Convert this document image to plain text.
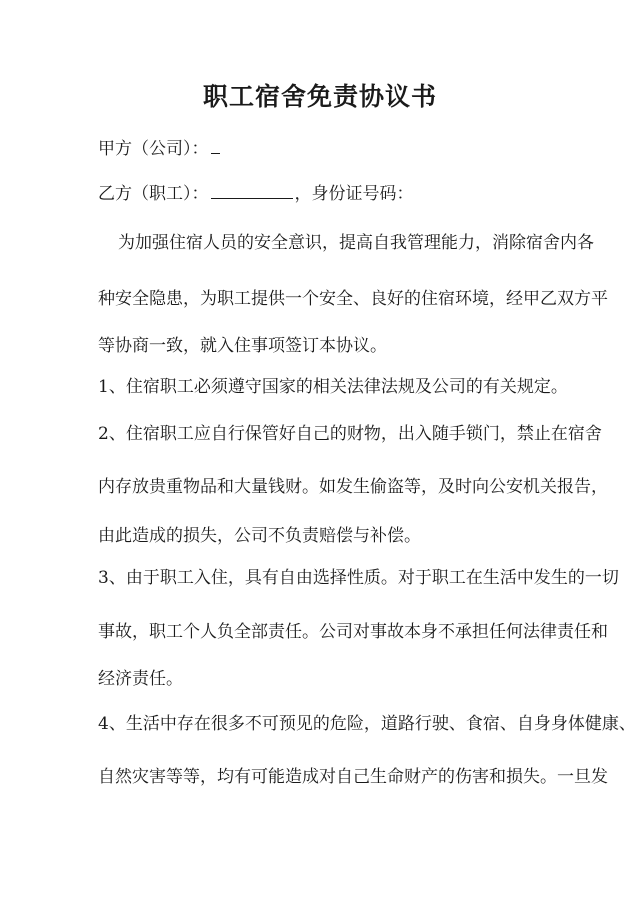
职工宿舍免责协议书
甲方（公司）：
乙方（职工）：	，身份证号码：
为加强住宿人员的安全意识，提高自我管理能力，消除宿舍内各
种安全隐患，为职工提供一个安全、良好的住宿环境，经甲乙双方平
等协商一致，就入住事项签订本协议。
1、住宿职工必须遵守国家的相关法律法规及公司的有关规定。
2、住宿职工应自行保管好自己的财物，出入随手锁门，禁止在宿舍
内存放贵重物品和大量钱财。如发生偷盗等，及时向公安机关报告，
由此造成的损失，公司不负责赔偿与补偿。
3、由于职工入住，具有自由选择性质。对于职工在生活中发生的一切
事故，职工个人负全部责任。公司对事故本身不承担任何法律责任和
经济责任。
4、生活中存在很多不可预见的危险，道路行驶、食宿、自身身体健康、
自然灾害等等，均有可能造成对自己生命财产的伤害和损失。一旦发
